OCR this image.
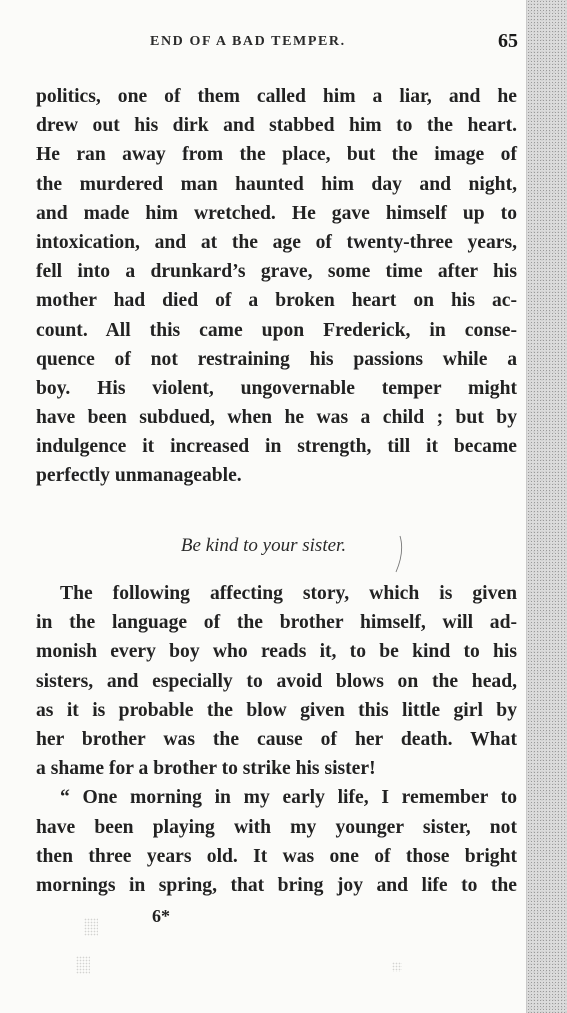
END OF A BAD TEMPER.	65
politics, one of them called him a liar, and he
drew out his dirk and stabbed him to the heart.
He ran away from the place, but the image of
the murdered man haunted him day and night,
and made him wretched. He gave himself up to
intoxication, and at the age of twenty-three years,
fell into a drunkard’s grave, some time after his
mother had died of a broken heart on his ac-
count. All this came upon Frederick, in conse-
quence of not restraining his passions while a
boy. His violent, ungovernable temper might
have been subdued, when he was a child ; but by
indulgence it increased in strength, till it became
perfectly unmanageable.
Be kind to your sister.
The following affecting story, which is given
in the language of the brother himself, will ad-
monish every boy who reads it, to be kind to his
sisters, and especially to avoid blows on the head,
as it is probable the blow given this little girl by
her brother was the cause of her death. What
a shame for a brother to strike his sister!
“ One morning in my early life, I remember to
have been playing with my younger sister, not
then three years old. It was one of those bright
mornings in spring, that bring joy and life to the
6*
